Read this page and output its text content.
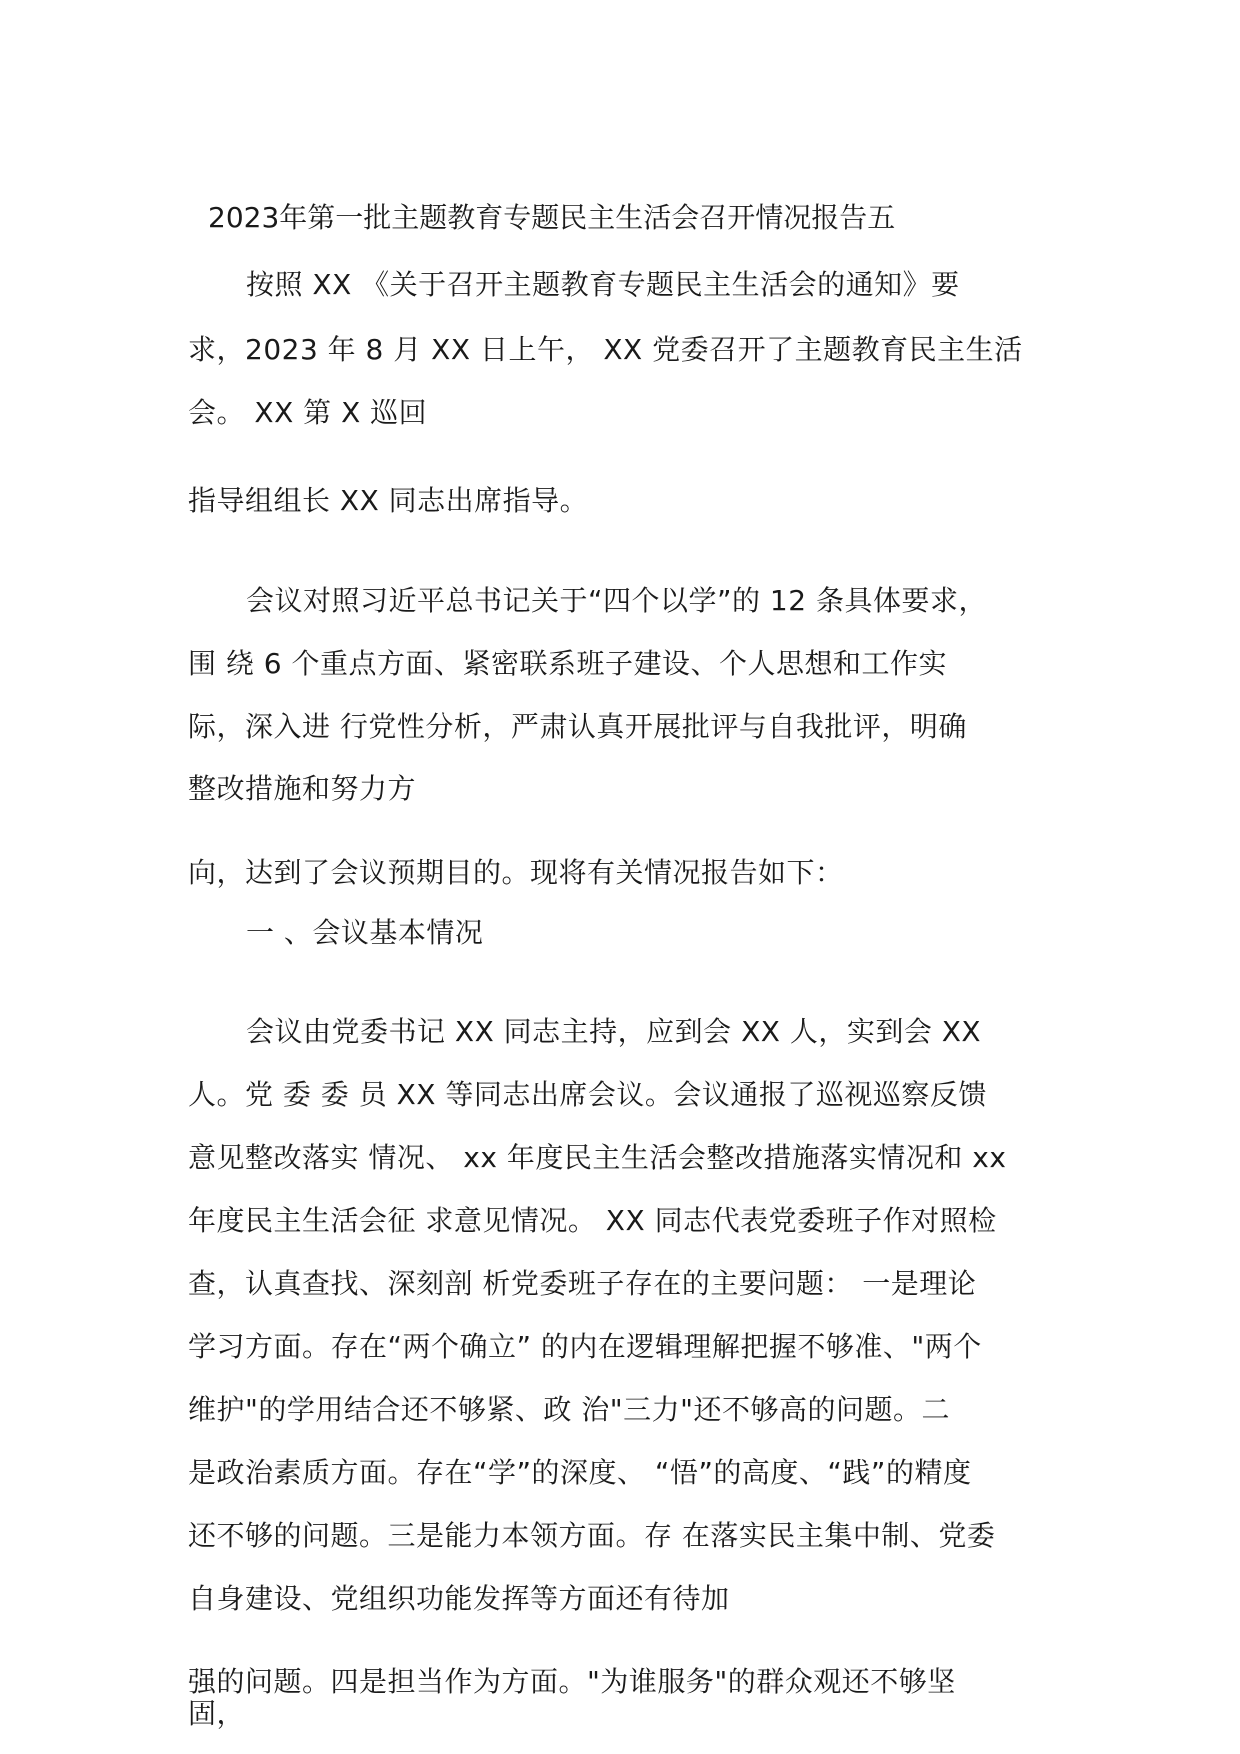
2023年第一批主题教育专题民主生活会召开情况报告五
按照 XX 《关于召开主题教育专题民主生活会的通知》要
求，2023 年 8 月 XX 日上午， XX 党委召开了主题教育民主生活
会。 XX 第 X 巡回
指导组组长 XX 同志出席指导。
会议对照习近平总书记关于“四个以学”的 12 条具体要求，
围 绕 6 个重点方面、紧密联系班子建设、个人思想和工作实
际，深入进 行党性分析，严肃认真开展批评与自我批评，明确
整改措施和努力方
向，达到了会议预期目的。现将有关情况报告如下：
一 、会议基本情况
会议由党委书记 XX 同志主持，应到会 XX 人，实到会 XX
人。党 委 委 员 XX 等同志出席会议。会议通报了巡视巡察反馈
意见整改落实 情况、 xx 年度民主生活会整改措施落实情况和 xx
年度民主生活会征 求意见情况。 XX 同志代表党委班子作对照检
查，认真查找、深刻剖 析党委班子存在的主要问题： 一是理论
学习方面。存在“两个确立” 的内在逻辑理解把握不够准、"两个
维护"的学用结合还不够紧、政 治"三力"还不够高的问题。二
是政治素质方面。存在“学”的深度、 “悟”的高度、“践”的精度
还不够的问题。三是能力本领方面。存 在落实民主集中制、党委
自身建设、党组织功能发挥等方面还有待加
强的问题。四是担当作为方面。"为谁服务"的群众观还不够坚
固，
